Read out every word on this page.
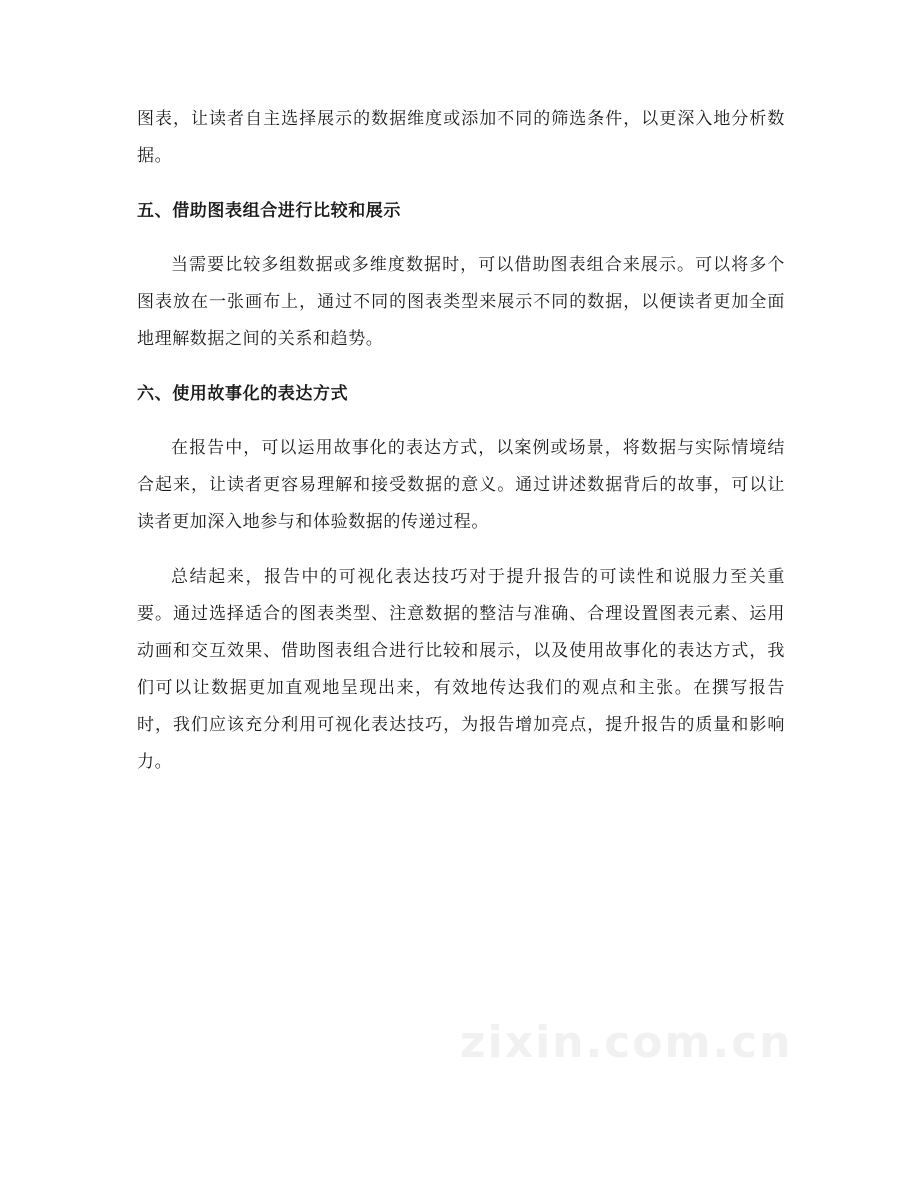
图表，让读者自主选择展示的数据维度或添加不同的筛选条件，以更深入地分析数据。

五、借助图表组合进行比较和展示

当需要比较多组数据或多维度数据时，可以借助图表组合来展示。可以将多个图表放在一张画布上，通过不同的图表类型来展示不同的数据，以便读者更加全面地理解数据之间的关系和趋势。

六、使用故事化的表达方式

在报告中，可以运用故事化的表达方式，以案例或场景，将数据与实际情境结合起来，让读者更容易理解和接受数据的意义。通过讲述数据背后的故事，可以让读者更加深入地参与和体验数据的传递过程。

总结起来，报告中的可视化表达技巧对于提升报告的可读性和说服力至关重要。通过选择适合的图表类型、注意数据的整洁与准确、合理设置图表元素、运用动画和交互效果、借助图表组合进行比较和展示，以及使用故事化的表达方式，我们可以让数据更加直观地呈现出来，有效地传达我们的观点和主张。在撰写报告时，我们应该充分利用可视化表达技巧，为报告增加亮点，提升报告的质量和影响力。

zixin.com.cn
